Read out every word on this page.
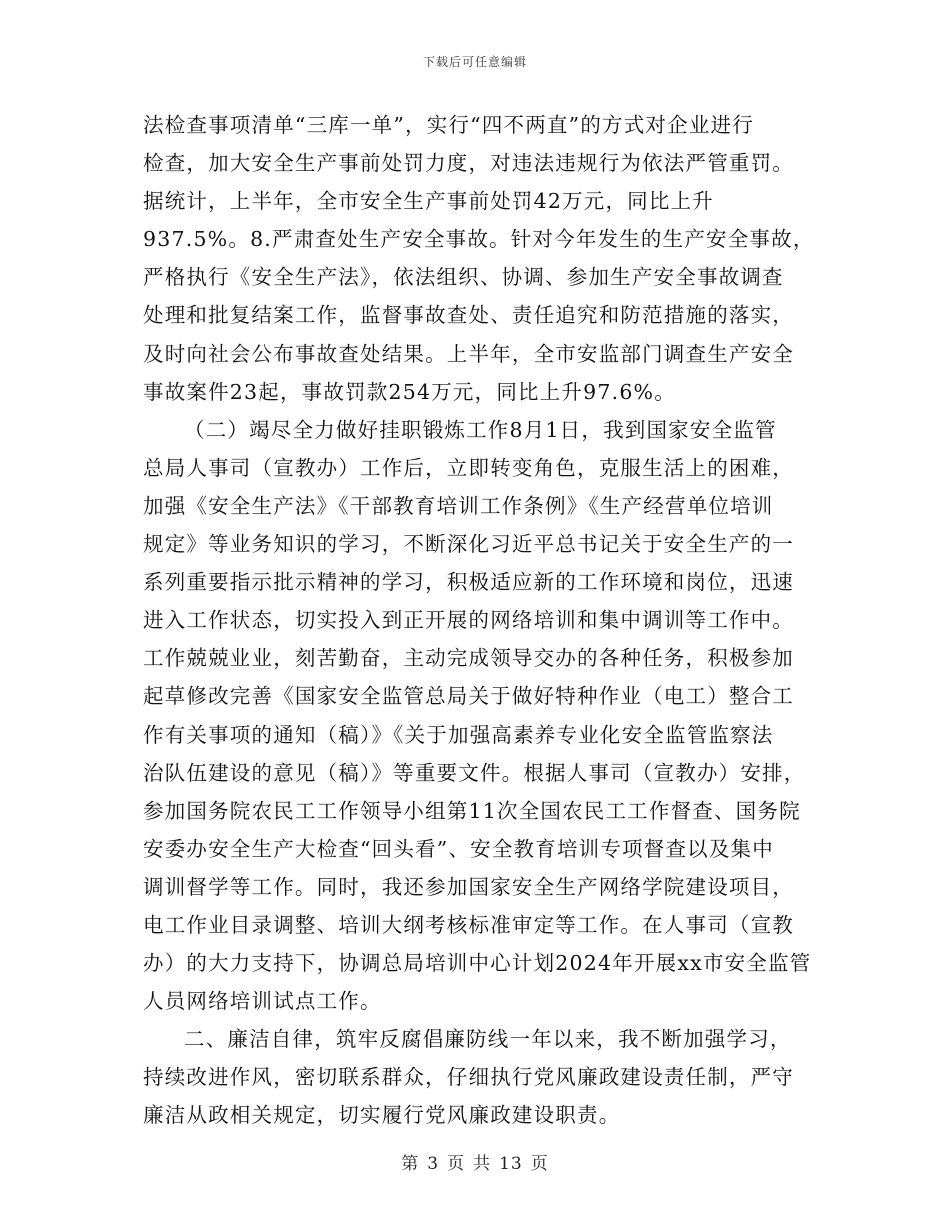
下载后可任意编辑
法检查事项清单“三库一单”，实行“四不两直”的方式对企业进行
检查，加大安全生产事前处罚力度，对违法违规行为依法严管重罚。
据统计，上半年，全市安全生产事前处罚42万元，同比上升
937.5%。8.严肃查处生产安全事故。针对今年发生的生产安全事故，
严格执行《安全生产法》，依法组织、协调、参加生产安全事故调查
处理和批复结案工作，监督事故查处、责任追究和防范措施的落实，
及时向社会公布事故查处结果。上半年，全市安监部门调查生产安全
事故案件23起，事故罚款254万元，同比上升97.6%。
（二）竭尽全力做好挂职锻炼工作8月1日，我到国家安全监管
总局人事司（宣教办）工作后，立即转变角色，克服生活上的困难，
加强《安全生产法》《干部教育培训工作条例》《生产经营单位培训
规定》等业务知识的学习，不断深化习近平总书记关于安全生产的一
系列重要指示批示精神的学习，积极适应新的工作环境和岗位，迅速
进入工作状态，切实投入到正开展的网络培训和集中调训等工作中。
工作兢兢业业，刻苦勤奋，主动完成领导交办的各种任务，积极参加
起草修改完善《国家安全监管总局关于做好特种作业（电工）整合工
作有关事项的通知（稿）》《关于加强高素养专业化安全监管监察法
治队伍建设的意见（稿）》等重要文件。根据人事司（宣教办）安排，
参加国务院农民工工作领导小组第11次全国农民工工作督查、国务院
安委办安全生产大检查“回头看”、安全教育培训专项督查以及集中
调训督学等工作。同时，我还参加国家安全生产网络学院建设项目，
电工作业目录调整、培训大纲考核标准审定等工作。在人事司（宣教
办）的大力支持下，协调总局培训中心计划2024年开展xx市安全监管
人员网络培训试点工作。
二、廉洁自律，筑牢反腐倡廉防线一年以来，我不断加强学习，
持续改进作风，密切联系群众，仔细执行党风廉政建设责任制，严守
廉洁从政相关规定，切实履行党风廉政建设职责。
第 3 页 共 13 页
